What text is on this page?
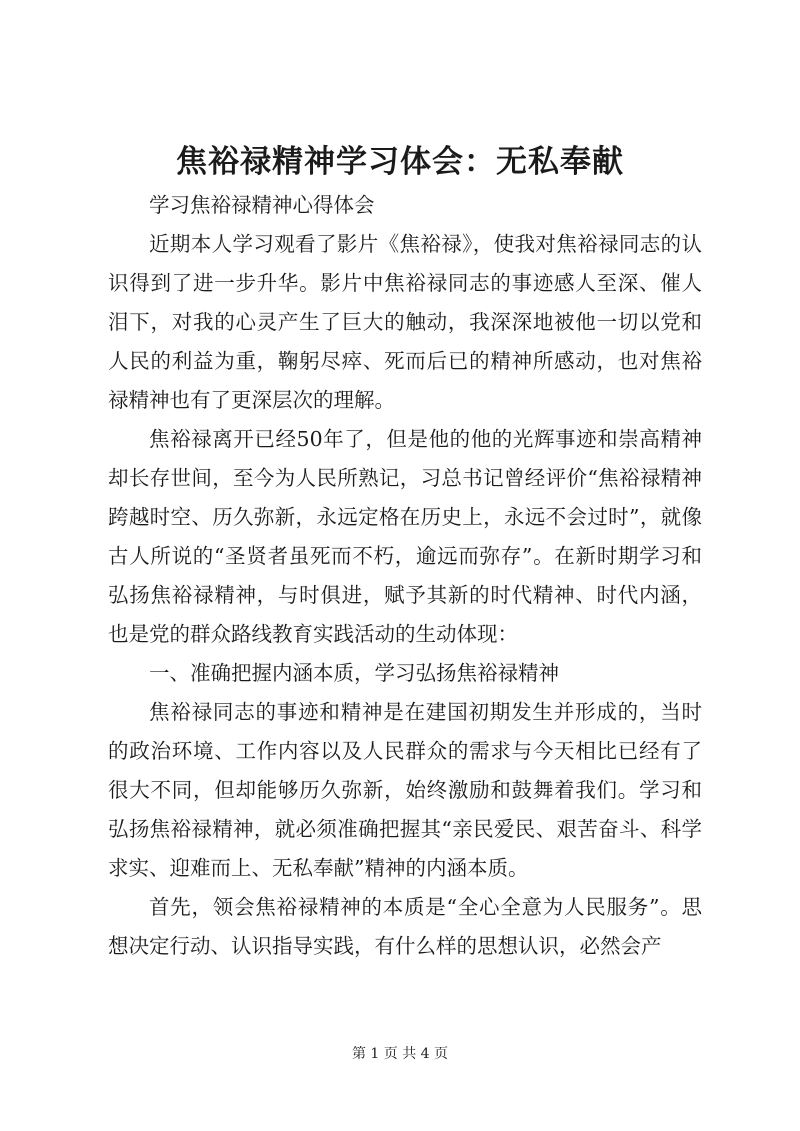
焦裕禄精神学习体会：无私奉献

学习焦裕禄精神心得体会

近期本人学习观看了影片《焦裕禄》，使我对焦裕禄同志的认识得到了进一步升华。影片中焦裕禄同志的事迹感人至深、催人泪下，对我的心灵产生了巨大的触动，我深深地被他一切以党和人民的利益为重，鞠躬尽瘁、死而后已的精神所感动，也对焦裕禄精神也有了更深层次的理解。

焦裕禄离开已经50年了，但是他的他的光辉事迹和崇高精神却长存世间，至今为人民所熟记，习总书记曾经评价“焦裕禄精神跨越时空、历久弥新，永远定格在历史上，永远不会过时”，就像古人所说的“圣贤者虽死而不朽，逾远而弥存”。在新时期学习和弘扬焦裕禄精神，与时俱进，赋予其新的时代精神、时代内涵，也是党的群众路线教育实践活动的生动体现：

一、准确把握内涵本质，学习弘扬焦裕禄精神

焦裕禄同志的事迹和精神是在建国初期发生并形成的，当时的政治环境、工作内容以及人民群众的需求与今天相比已经有了很大不同，但却能够历久弥新，始终激励和鼓舞着我们。学习和弘扬焦裕禄精神，就必须准确把握其“亲民爱民、艰苦奋斗、科学求实、迎难而上、无私奉献”精神的内涵本质。

首先，领会焦裕禄精神的本质是“全心全意为人民服务”。思想决定行动、认识指导实践，有什么样的思想认识，必然会产

第 1 页 共 4 页
